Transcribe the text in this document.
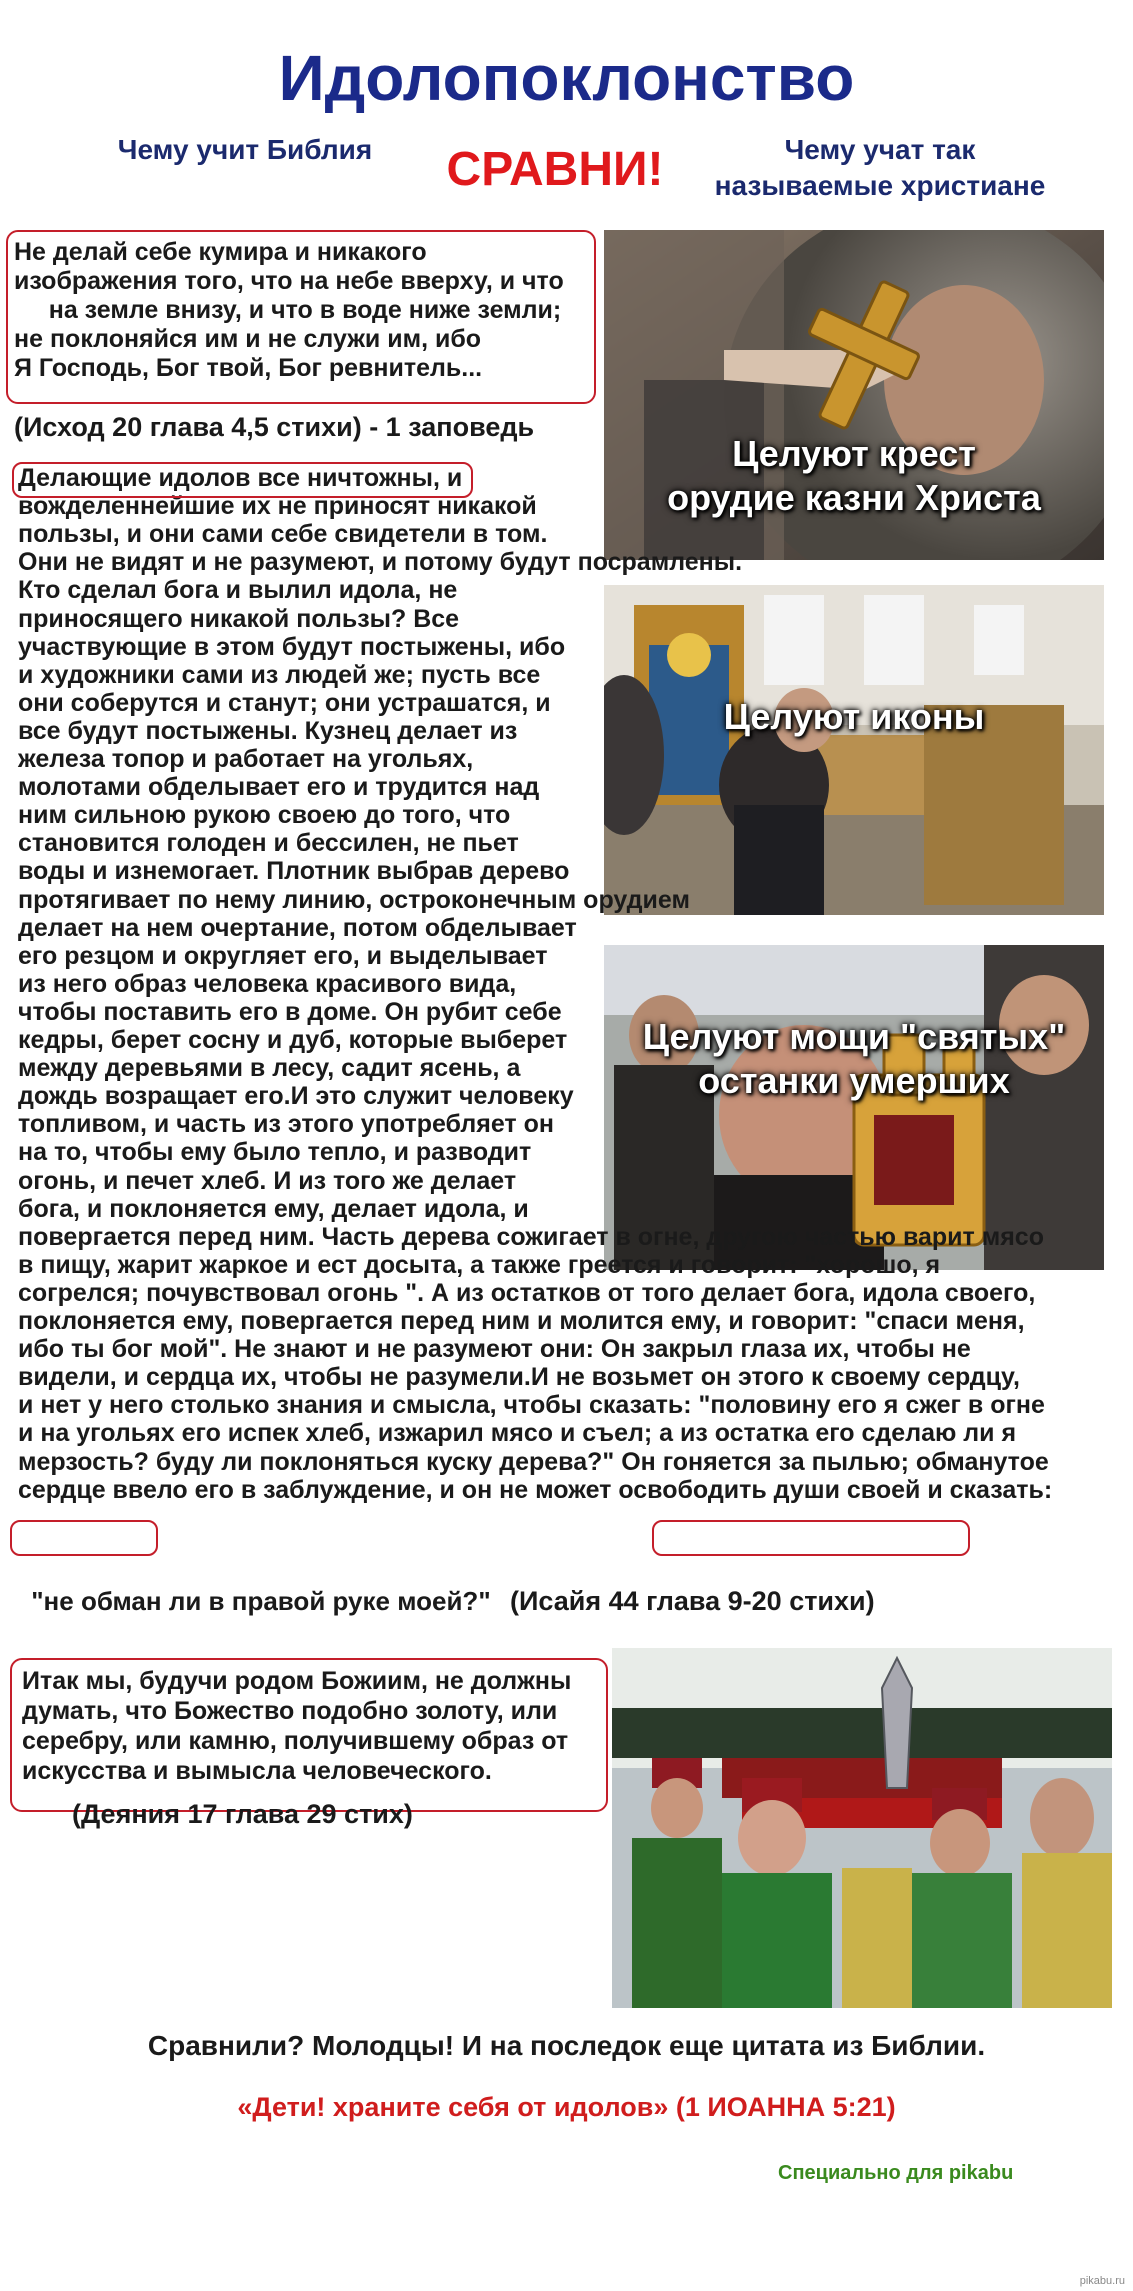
Идолопоклонство
Чему учит Библия	СРАВНИ!	Чему учат так
называемые христиане
Целуют крест
орудие казни Христа
Целуют иконы
Целуют мощи "святых"
останки умерших
Не делай себе кумира и никакого
изображения того, что на небе вверху, и что
на земле внизу, и что в воде ниже земли;
не поклоняйся им и не служи им, ибо
Я Господь, Бог твой, Бог ревнитель...
(Исход 20 глава 4,5 стихи) - 1 заповедь
Делающие идолов все ничтожны, и
вожделеннейшие их не приносят никакой
пользы, и они сами себе свидетели в том.
Они не видят и не разумеют, и потому будут посрамлены.
Кто сделал бога и вылил идола, не
приносящего никакой пользы? Все
участвующие в этом будут постыжены, ибо
и художники сами из людей же; пусть все
они соберутся и станут; они устрашатся, и
все будут постыжены. Кузнец делает из
железа топор и работает на угольях,
молотами обделывает его и трудится над
ним сильною рукою своею до того, что
становится голоден и бессилен, не пьет
воды и изнемогает. Плотник выбрав дерево
протягивает по нему линию, остроконечным орудием
делает на нем очертание, потом обделывает
его резцом и округляет его, и выделывает
из него образ человека красивого вида,
чтобы поставить его в доме. Он рубит себе
кедры, берет сосну и дуб, которые выберет
между деревьями в лесу, садит ясень, а
дождь возращает его.И это служит человеку
топливом, и часть из этого употребляет он
на то, чтобы ему было тепло, и разводит
огонь, и печет хлеб. И из того же делает
бога, и поклоняется ему, делает идола, и
повергается перед ним. Часть дерева сожигает в огне, другою частью варит мясо
в пищу, жарит жаркое и ест досыта, а также греется и говорит: "хорошо, я
согрелся; почувствовал огонь ". А из остатков от того делает бога, идола своего,
поклоняется ему, повергается перед ним и молится ему, и говорит: "спаси меня,
ибо ты бог мой". Не знают и не разумеют они: Он закрыл глаза их, чтобы не
видели, и сердца их, чтобы не разумели.И не возьмет он этого к своему сердцу,
и нет у него столько знания и смысла, чтобы сказать: "половину его я сжег в огне
и на угольях его испек хлеб, изжарил мясо и съел; а из остатка его сделаю ли я
мерзость? буду ли поклоняться куску дерева?" Он гоняется за пылью; обманутое
сердце ввело его в заблуждение, и он не может освободить души своей и сказать:
"не обман ли в правой руке моей?" (Исайя 44 глава 9-20 стихи)
Итак мы, будучи родом Божиим, не должны
думать, что Божество подобно золоту, или
серебру, или камню, получившему образ от
искусства и вымысла человеческого.
(Деяния 17 глава 29 стих)
Сравнили? Молодцы! И на последок еще цитата из Библии.
«Дети! храните себя от идолов» (1 ИОАННА 5:21)
Специально для pikabu
pikabu.ru
